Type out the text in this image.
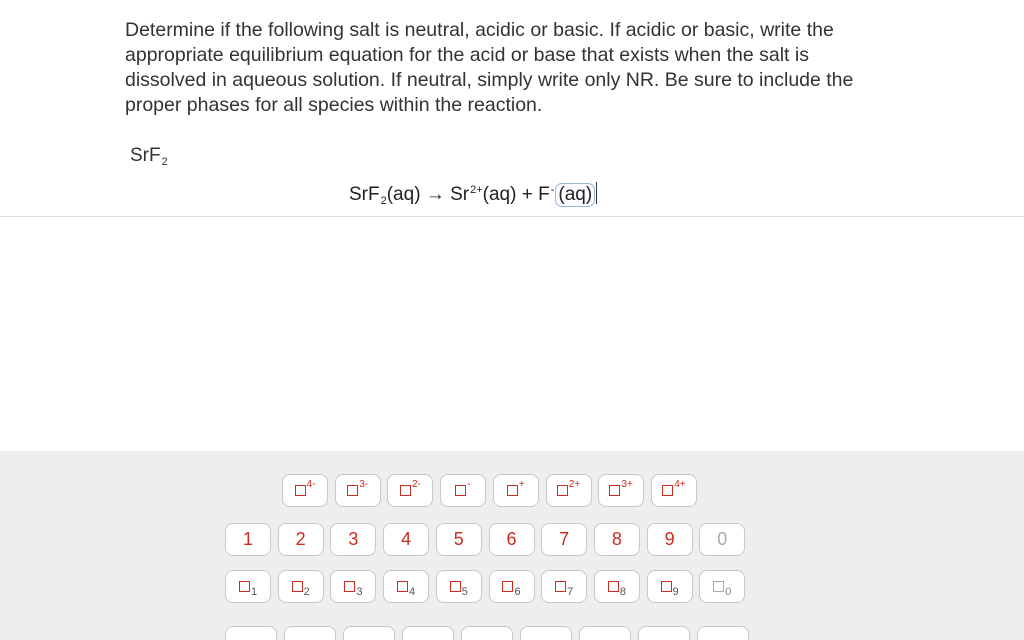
Determine if the following salt is neutral, acidic or basic. If acidic or basic, write the appropriate equilibrium equation for the acid or base that exists when the salt is dissolved in aqueous solution. If neutral, simply write only NR. Be sure to include the proper phases for all species within the reaction.
SrF$_2$
$SrF_2(aq) \to Sr^{2+}(aq) + F^-$ (aq)
4-	3-	2-	-	+	2+	3+	4+
1	2	3	4	5	6	7	8	9	0
1	2	3	4	5	6	7	8	9	0
